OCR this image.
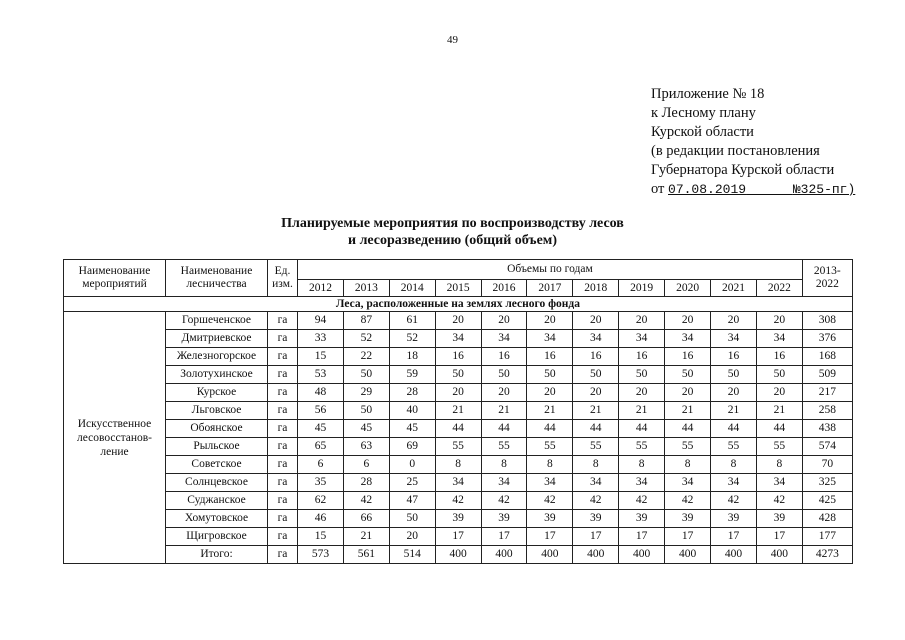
49
Приложение № 18
к Лесному плану
Курской области
(в редакции постановления
Губернатора Курской области
от 07.08.2019	№325-пг)
Планируемые мероприятия по воспроизводству лесов
и лесоразведению (общий объем)
Наименование мероприятий	Наименование лесничества	Ед. изм.	Объемы по годам											2013-2022
			2012	2013	2014	2015	2016	2017	2018	2019	2020	2021	2022	
Леса, расположенные на землях лесного фонда														
Искусственное лесовосстанов-ление	Горшеченское	га	94	87	61	20	20	20	20	20	20	20	20	308
	Дмитриевское	га	33	52	52	34	34	34	34	34	34	34	34	376
	Железногорское	га	15	22	18	16	16	16	16	16	16	16	16	168
	Золотухинское	га	53	50	59	50	50	50	50	50	50	50	50	509
	Курское	га	48	29	28	20	20	20	20	20	20	20	20	217
	Льговское	га	56	50	40	21	21	21	21	21	21	21	21	258
	Обоянское	га	45	45	45	44	44	44	44	44	44	44	44	438
	Рыльское	га	65	63	69	55	55	55	55	55	55	55	55	574
	Советское	га	6	6	0	8	8	8	8	8	8	8	8	70
	Солнцевское	га	35	28	25	34	34	34	34	34	34	34	34	325
	Суджанское	га	62	42	47	42	42	42	42	42	42	42	42	425
	Хомутовское	га	46	66	50	39	39	39	39	39	39	39	39	428
	Щигровское	га	15	21	20	17	17	17	17	17	17	17	17	177
	Итого:	га	573	561	514	400	400	400	400	400	400	400	400	4273
